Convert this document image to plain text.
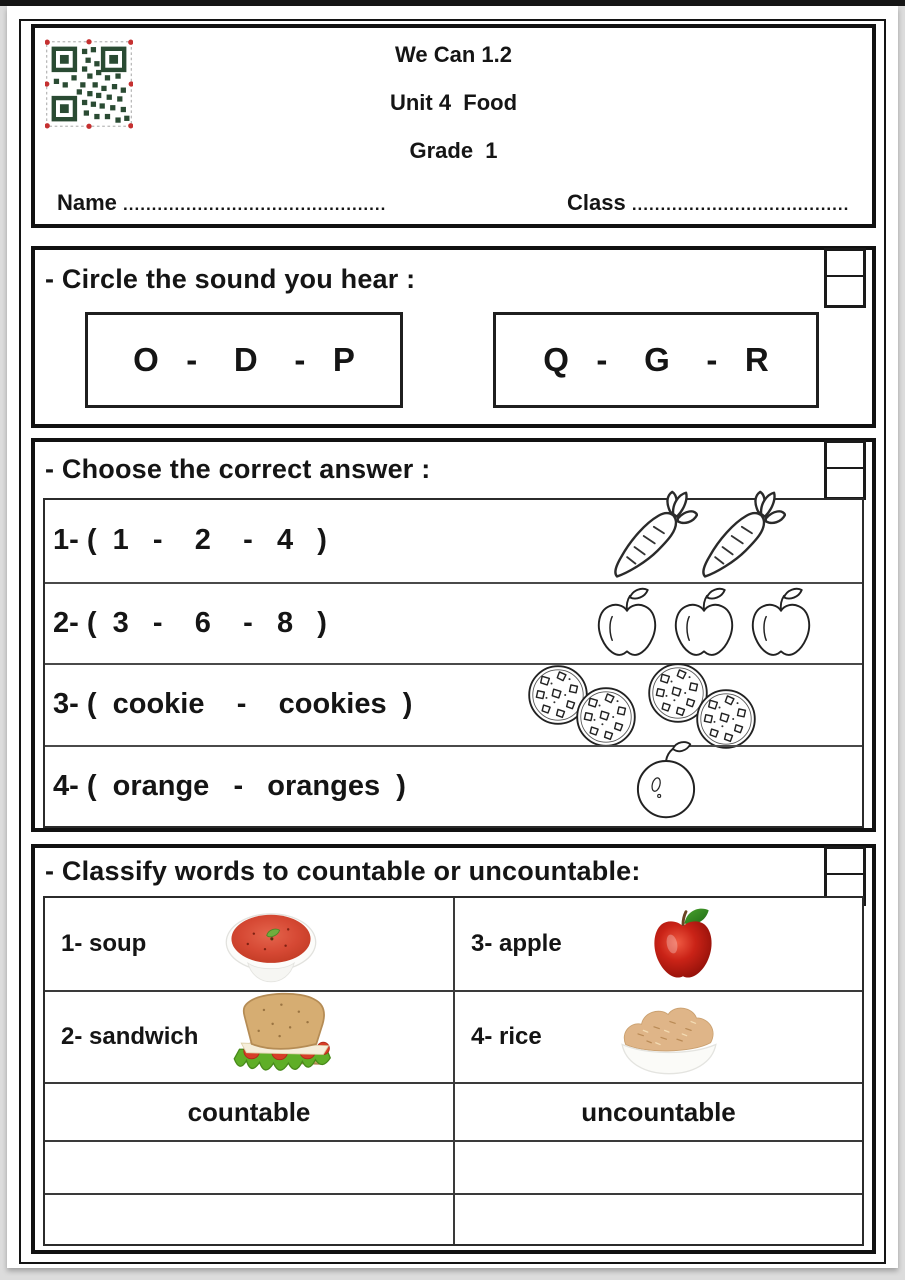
We Can 1.2
Unit 4  Food
Grade  1
Name ..............................................	Class ......................................
- Circle the sound you hear :
O   -    D    -   P	Q   -    G    -   R
- Choose the correct answer :
1- (  1   -    2    -   4   )
2- (  3   -    6    -   8   )
3- (  cookie    -    cookies  )
4- (  orange   -   oranges  )
- Classify words to countable or uncountable:
1- soup	3- apple
2- sandwich	4- rice
countable	uncountable
